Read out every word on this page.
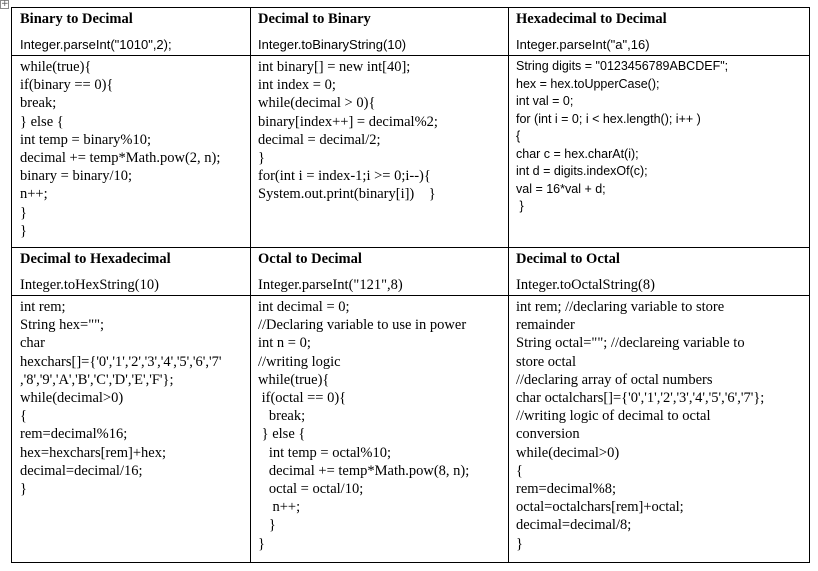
+
Binary to Decimal
Integer.parseInt("1010",2);
Decimal to Binary
Integer.toBinaryString(10)
Hexadecimal to Decimal
Integer.parseInt("a",16)
while(true){
if(binary == 0){
break;
} else {
int temp = binary%10;
decimal += temp*Math.pow(2, n);
binary = binary/10;
n++;
}
}
int binary[] = new int[40];
int index = 0;
while(decimal > 0){
binary[index++] = decimal%2;
decimal = decimal/2;
}
for(int i = index-1;i >= 0;i--){
System.out.print(binary[i])    }
String digits = "0123456789ABCDEF";
hex = hex.toUpperCase();
int val = 0;
for (int i = 0; i < hex.length(); i++ )
{
char c = hex.charAt(i);
int d = digits.indexOf(c);
val = 16*val + d;
}
Decimal to Hexadecimal
Integer.toHexString(10)
Octal to Decimal
Integer.parseInt("121",8)
Decimal to Octal
Integer.toOctalString(8)
int rem;
String hex="";
char
hexchars[]={'0','1','2','3','4','5','6','7'
,'8','9','A','B','C','D','E','F'};
while(decimal>0)
{
rem=decimal%16;
hex=hexchars[rem]+hex;
decimal=decimal/16;
}
int decimal = 0;
//Declaring variable to use in power
int n = 0;
//writing logic
while(true){
if(octal == 0){
break;
} else {
int temp = octal%10;
decimal += temp*Math.pow(8, n);
octal = octal/10;
n++;
}
}
int rem; //declaring variable to store
remainder
String octal=""; //declareing variable to
store octal
//declaring array of octal numbers
char octalchars[]={'0','1','2','3','4','5','6','7'};
//writing logic of decimal to octal
conversion
while(decimal>0)
{
rem=decimal%8;
octal=octalchars[rem]+octal;
decimal=decimal/8;
}
